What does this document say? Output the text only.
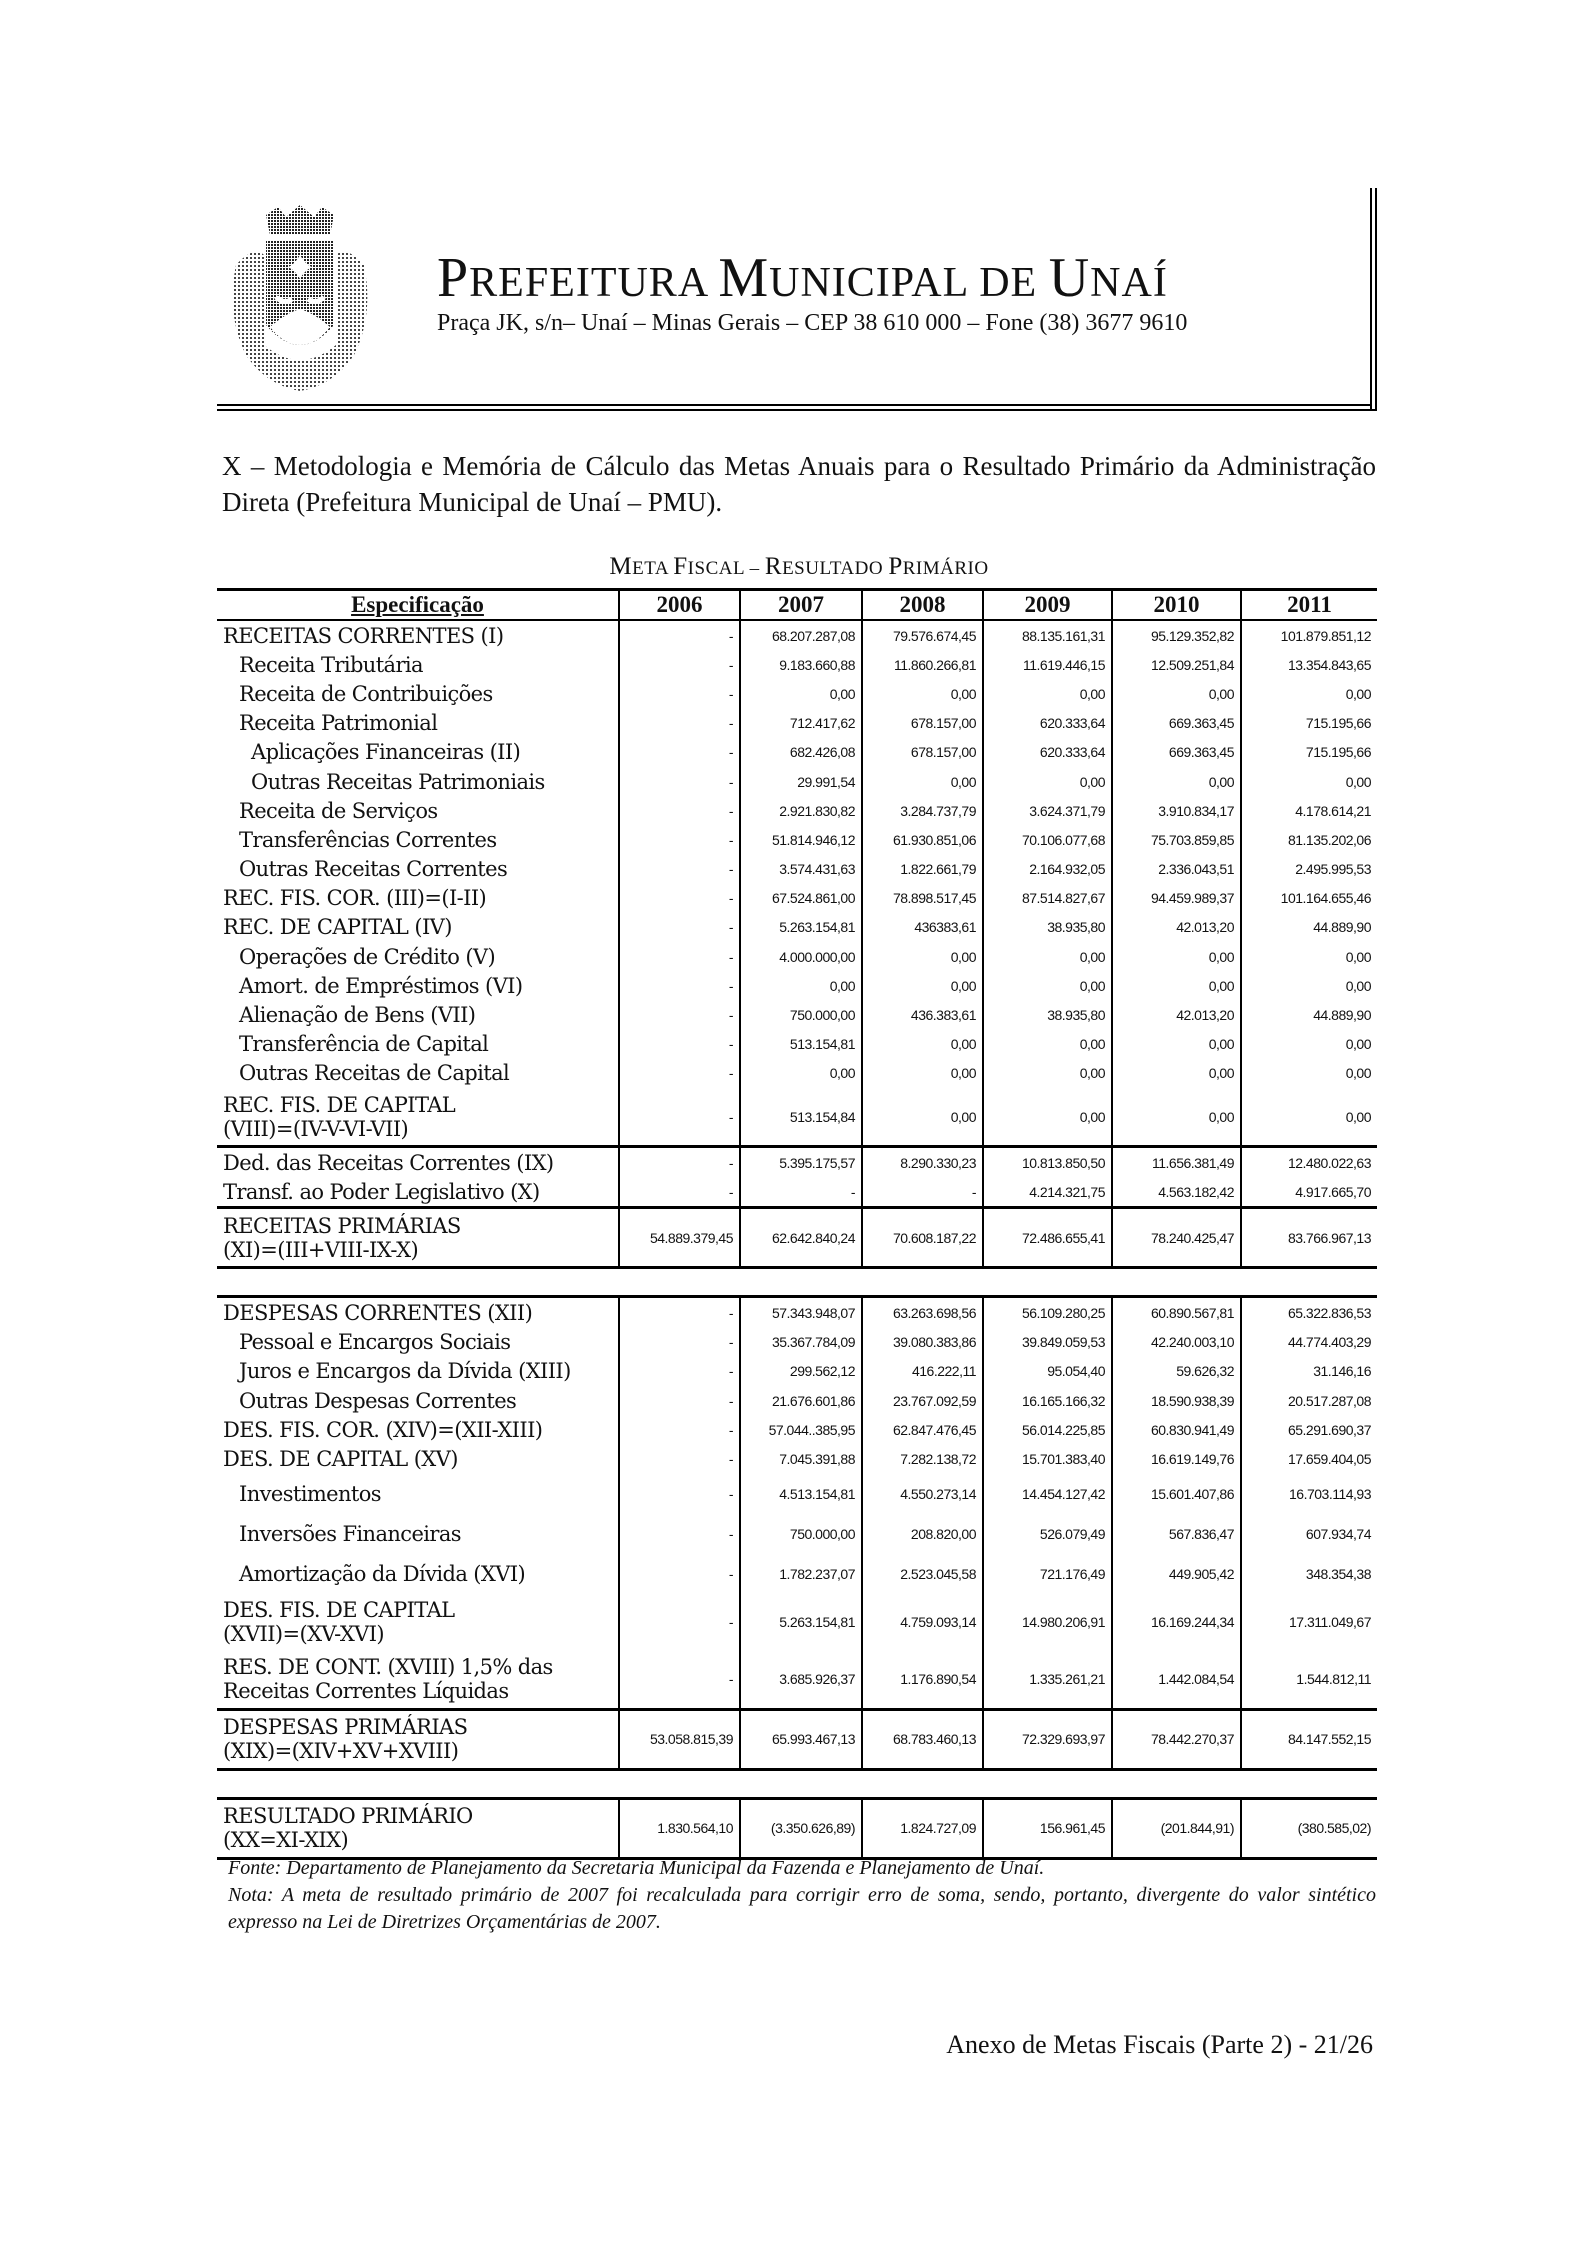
PREFEITURA MUNICIPAL DE UNAÍ
Praça JK, s/n– Unaí – Minas Gerais – CEP 38 610 000 – Fone (38) 3677 9610
X – Metodologia e Memória de Cálculo das Metas Anuais para o Resultado Primário da Administração Direta (Prefeitura Municipal de Unaí – PMU).
META FISCAL – RESULTADO PRIMÁRIO
Especificação	2006	2007	2008	2009	2010	2011

RECEITAS CORRENTES (I)	-	68.207.287,08	79.576.674,45	88.135.161,31	95.129.352,82	101.879.851,12

Receita Tributária	-	9.183.660,88	11.860.266,81	11.619.446,15	12.509.251,84	13.354.843,65

Receita de Contribuições	-	0,00	0,00	0,00	0,00	0,00

Receita Patrimonial	-	712.417,62	678.157,00	620.333,64	669.363,45	715.195,66

Aplicações Financeiras (II)	-	682.426,08	678.157,00	620.333,64	669.363,45	715.195,66

Outras Receitas Patrimoniais	-	29.991,54	0,00	0,00	0,00	0,00

Receita de Serviços	-	2.921.830,82	3.284.737,79	3.624.371,79	3.910.834,17	4.178.614,21

Transferências Correntes	-	51.814.946,12	61.930.851,06	70.106.077,68	75.703.859,85	81.135.202,06

Outras Receitas Correntes	-	3.574.431,63	1.822.661,79	2.164.932,05	2.336.043,51	2.495.995,53

REC. FIS. COR. (III)=(I-II)	-	67.524.861,00	78.898.517,45	87.514.827,67	94.459.989,37	101.164.655,46

REC. DE CAPITAL (IV)	-	5.263.154,81	436383,61	38.935,80	42.013,20	44.889,90

Operações de Crédito (V)	-	4.000.000,00	0,00	0,00	0,00	0,00

Amort. de Empréstimos (VI)	-	0,00	0,00	0,00	0,00	0,00

Alienação de Bens (VII)	-	750.000,00	436.383,61	38.935,80	42.013,20	44.889,90

Transferência de Capital	-	513.154,81	0,00	0,00	0,00	0,00

Outras Receitas de Capital	-	0,00	0,00	0,00	0,00	0,00

REC. FIS. DE CAPITAL
(VIII)=(IV-V-VI-VII)	-	513.154,84	0,00	0,00	0,00	0,00

Ded. das Receitas Correntes (IX)	-	5.395.175,57	8.290.330,23	10.813.850,50	11.656.381,49	12.480.022,63

Transf. ao Poder Legislativo (X)	-	-	-	4.214.321,75	4.563.182,42	4.917.665,70

RECEITAS PRIMÁRIAS
(XI)=(III+VIII-IX-X)	54.889.379,45	62.642.840,24	70.608.187,22	72.486.655,41	78.240.425,47	83.766.967,13

DESPESAS CORRENTES (XII)	-	57.343.948,07	63.263.698,56	56.109.280,25	60.890.567,81	65.322.836,53

Pessoal e Encargos Sociais	-	35.367.784,09	39.080.383,86	39.849.059,53	42.240.003,10	44.774.403,29

Juros e Encargos da Dívida (XIII)	-	299.562,12	416.222,11	95.054,40	59.626,32	31.146,16

Outras Despesas Correntes	-	21.676.601,86	23.767.092,59	16.165.166,32	18.590.938,39	20.517.287,08

DES. FIS. COR. (XIV)=(XII-XIII)	-	57.044..385,95	62.847.476,45	56.014.225,85	60.830.941,49	65.291.690,37

DES. DE CAPITAL (XV)	-	7.045.391,88	7.282.138,72	15.701.383,40	16.619.149,76	17.659.404,05

Investimentos	-	4.513.154,81	4.550.273,14	14.454.127,42	15.601.407,86	16.703.114,93

Inversões Financeiras	-	750.000,00	208.820,00	526.079,49	567.836,47	607.934,74

Amortização da Dívida (XVI)	-	1.782.237,07	2.523.045,58	721.176,49	449.905,42	348.354,38

DES. FIS. DE CAPITAL
(XVII)=(XV-XVI)	-	5.263.154,81	4.759.093,14	14.980.206,91	16.169.244,34	17.311.049,67

RES. DE CONT. (XVIII) 1,5% das
Receitas Correntes Líquidas	-	3.685.926,37	1.176.890,54	1.335.261,21	1.442.084,54	1.544.812,11

DESPESAS PRIMÁRIAS
(XIX)=(XIV+XV+XVIII)	53.058.815,39	65.993.467,13	68.783.460,13	72.329.693,97	78.442.270,37	84.147.552,15

RESULTADO PRIMÁRIO
(XX=XI-XIX)	1.830.564,10	(3.350.626,89)	1.824.727,09	156.961,45	(201.844,91)	(380.585,02)
Fonte: Departamento de Planejamento da Secretaria Municipal da Fazenda e Planejamento de Unaí.
Nota: A meta de resultado primário de 2007 foi recalculada para corrigir erro de soma, sendo, portanto, divergente do valor sintético expresso na Lei de Diretrizes Orçamentárias de 2007.
Anexo de Metas Fiscais (Parte 2) - 21/26
